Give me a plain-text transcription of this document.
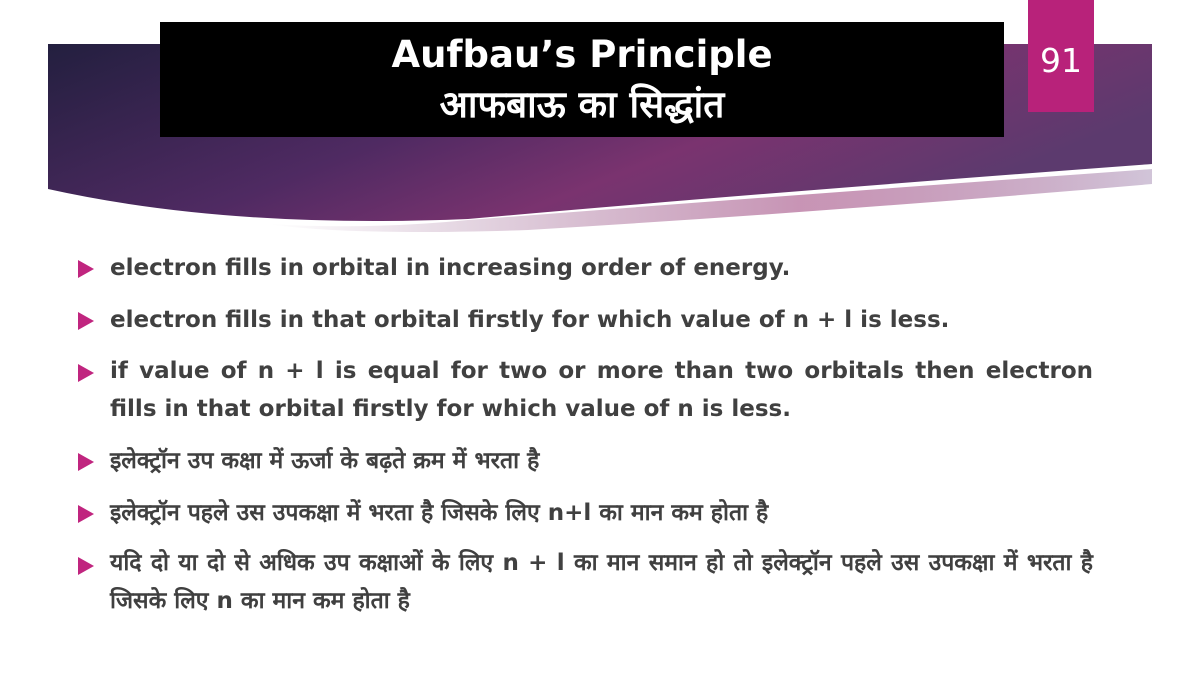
Aufbau’s Principle
आफबाऊ का सिद्धांत
91
electron fills in orbital in increasing order of energy.
electron fills in that orbital firstly for which value of n + l is less.
if value of n + l is equal for two or more than two orbitals then electron fills in that orbital firstly for which value of n is less.
इलेक्ट्रॉन उप कक्षा में ऊर्जा के बढ़ते क्रम में भरता है
इलेक्ट्रॉन पहले उस उपकक्षा में भरता है जिसके लिए n+l का मान कम होता है
यदि दो या दो से अधिक उप कक्षाओं के लिए n + l का मान समान हो तो इलेक्ट्रॉन पहले उस उपकक्षा में भरता है जिसके लिए n का मान कम होता है
